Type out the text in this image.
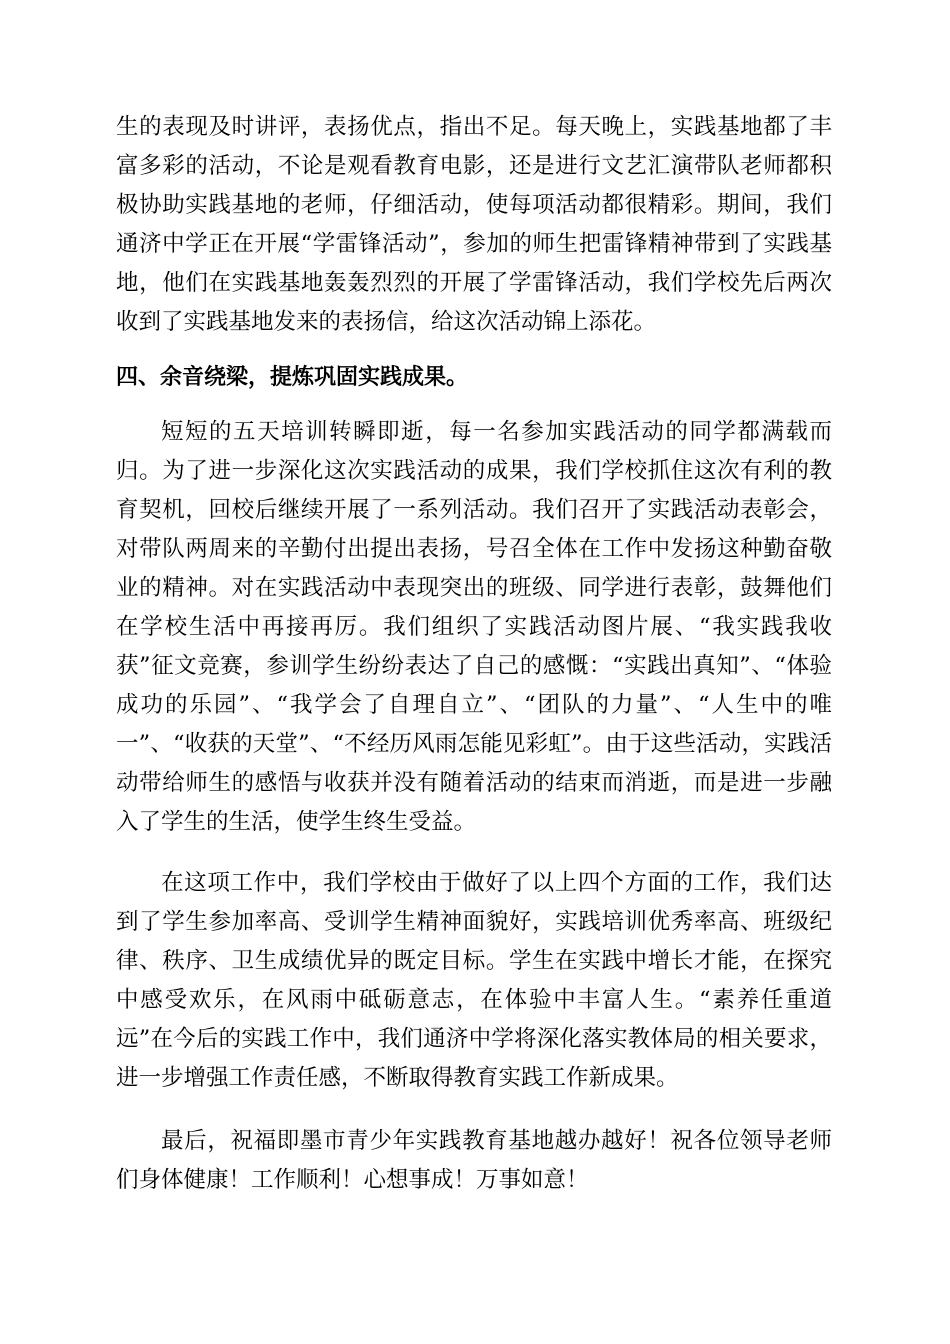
生的表现及时讲评，表扬优点，指出不足。每天晚上，实践基地都了丰富多彩的活动，不论是观看教育电影，还是进行文艺汇演带队老师都积极协助实践基地的老师，仔细活动，使每项活动都很精彩。期间，我们通济中学正在开展“学雷锋活动”，参加的师生把雷锋精神带到了实践基地，他们在实践基地轰轰烈烈的开展了学雷锋活动，我们学校先后两次收到了实践基地发来的表扬信，给这次活动锦上添花。

四、余音绕梁，提炼巩固实践成果。

短短的五天培训转瞬即逝，每一名参加实践活动的同学都满载而归。为了进一步深化这次实践活动的成果，我们学校抓住这次有利的教育契机，回校后继续开展了一系列活动。我们召开了实践活动表彰会，对带队两周来的辛勤付出提出表扬，号召全体在工作中发扬这种勤奋敬业的精神。对在实践活动中表现突出的班级、同学进行表彰，鼓舞他们在学校生活中再接再厉。我们组织了实践活动图片展、“我实践我收获”征文竞赛，参训学生纷纷表达了自己的感慨：“实践出真知”、“体验成功的乐园”、“我学会了自理自立”、“团队的力量”、“人生中的唯一”、“收获的天堂”、“不经历风雨怎能见彩虹”。由于这些活动，实践活动带给师生的感悟与收获并没有随着活动的结束而消逝，而是进一步融入了学生的生活，使学生终生受益。

在这项工作中，我们学校由于做好了以上四个方面的工作，我们达到了学生参加率高、受训学生精神面貌好，实践培训优秀率高、班级纪律、秩序、卫生成绩优异的既定目标。学生在实践中增长才能，在探究中感受欢乐，在风雨中砥砺意志，在体验中丰富人生。“素养任重道远”在今后的实践工作中，我们通济中学将深化落实教体局的相关要求，进一步增强工作责任感，不断取得教育实践工作新成果。

最后，祝福即墨市青少年实践教育基地越办越好！祝各位领导老师们身体健康！工作顺利！心想事成！万事如意！
